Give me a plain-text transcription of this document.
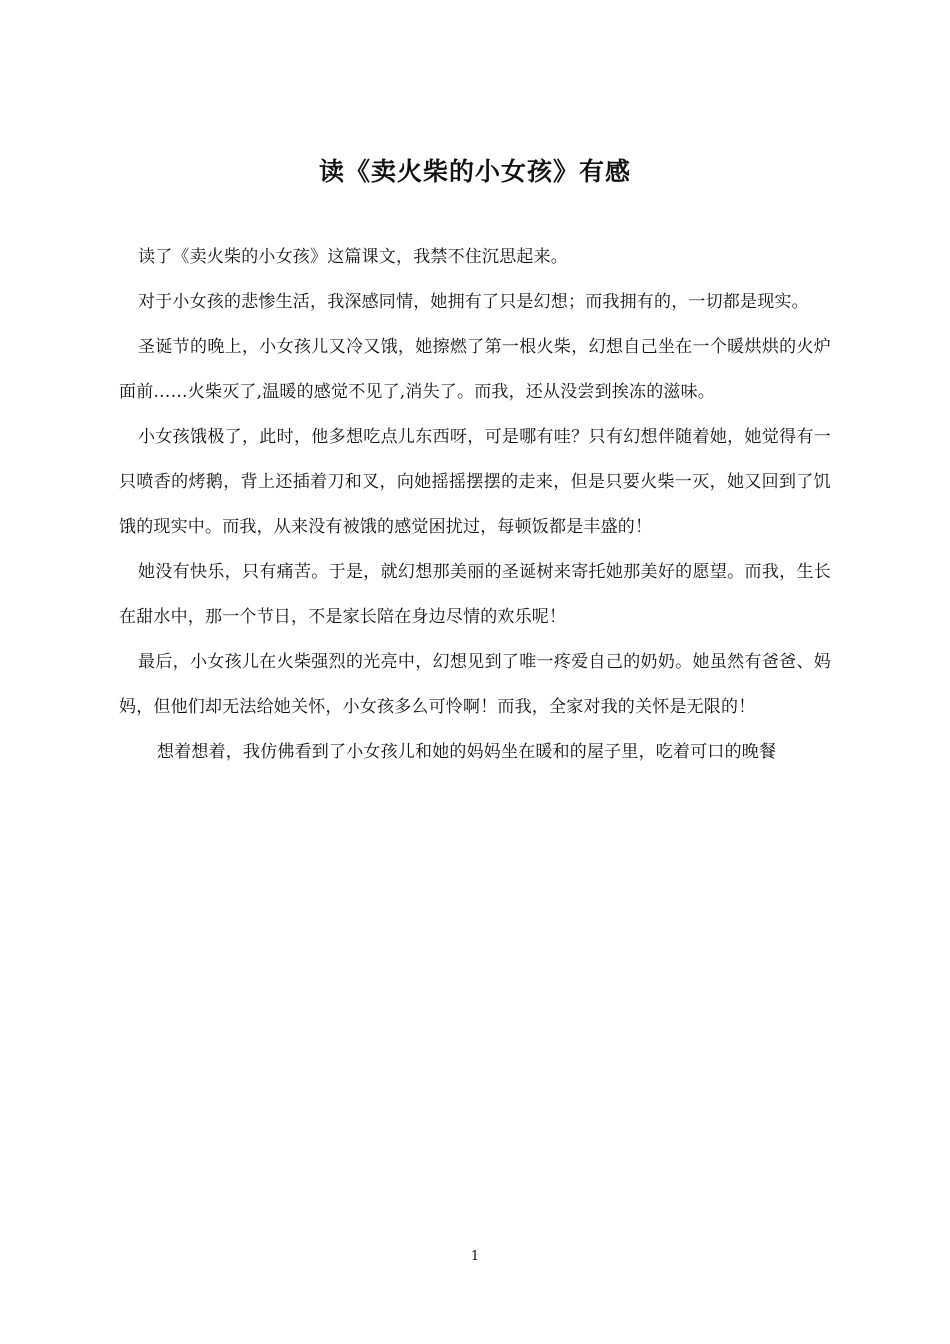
读《卖火柴的小女孩》有感

读了《卖火柴的小女孩》这篇课文，我禁不住沉思起来。

对于小女孩的悲惨生活，我深感同情，她拥有了只是幻想；而我拥有的，一切都是现实。

圣诞节的晚上，小女孩儿又冷又饿，她擦燃了第一根火柴，幻想自己坐在一个暖烘烘的火炉面前……火柴灭了,温暖的感觉不见了,消失了。而我，还从没尝到挨冻的滋味。

小女孩饿极了，此时，他多想吃点儿东西呀，可是哪有哇？只有幻想伴随着她，她觉得有一只喷香的烤鹅，背上还插着刀和叉，向她摇摇摆摆的走来，但是只要火柴一灭，她又回到了饥饿的现实中。而我，从来没有被饿的感觉困扰过，每顿饭都是丰盛的！

她没有快乐，只有痛苦。于是，就幻想那美丽的圣诞树来寄托她那美好的愿望。而我，生长在甜水中，那一个节日，不是家长陪在身边尽情的欢乐呢！

最后，小女孩儿在火柴强烈的光亮中，幻想见到了唯一疼爱自己的奶奶。她虽然有爸爸、妈妈，但他们却无法给她关怀，小女孩多么可怜啊！而我，全家对我的关怀是无限的！

想着想着，我仿佛看到了小女孩儿和她的妈妈坐在暖和的屋子里，吃着可口的晚餐

1
